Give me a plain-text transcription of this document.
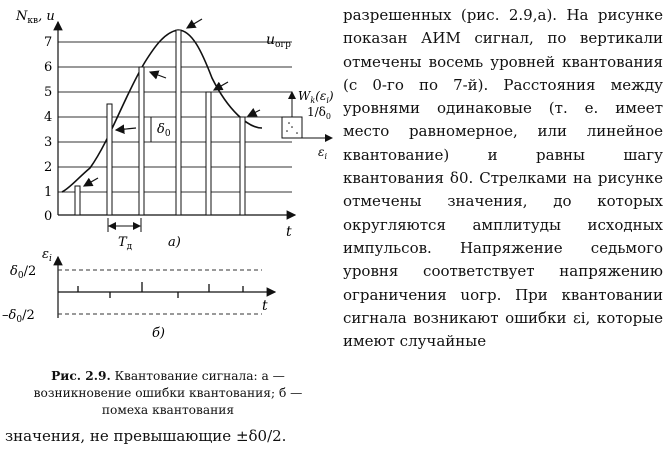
0
1
2
3
4
5
6
7
$N_{кв}$, u
t
$u_{огр}$
$\delta_0$
$T_д$	а)
$W_k(\varepsilon_i)$
$1/\delta_0$
$\varepsilon_i$
$\varepsilon_i$
$\delta_0/2$
$-\delta_0/2$
t
б)

Рис. 2.9. Квантование сигнала: а — возникновение ошибки квантования; б — помеха квантования

разрешенных (рис. 2.9,а). На рисунке показан АИМ сигнал, по вертикали отмечены восемь уровней квантования (с 0-го по 7-й). Расстояния между уровнями одинаковые (т. е. имеет место равномерное, или линейное квантование) и равны шагу квантования δ0. Стрелками на рисунке отмечены значения, до которых округляются амплитуды исходных импульсов. Напряжение седьмого уровня соответствует напряжению ограничения uогр. При квантовании сигнала возникают ошибки εi, которые имеют случайные

значения, не превышающие ±δ0/2.
